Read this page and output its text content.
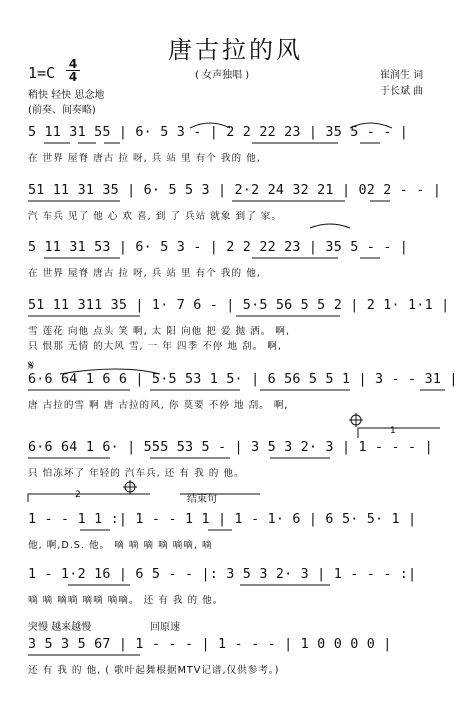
唐古拉的风
1=C 4
4	( 女声独唱 )	崔润生 词
于长斌 曲
稍快 轻快 思念地
(前奏、间奏略)
5 11 31 55 | 6· 5 3 - | 2 2 22 23 | 35 5 - - |
在 世界 屋脊 唐古 拉 呀, 兵 站 里 有个 我的 他,
51 11 31 35 | 6· 5 5 3 | 2·2 24 32 21 | 02 2 - - |
汽 车兵 见了 他 心 欢 喜, 到 了 兵站 就象 到了 家。
5 11 31 53 | 6· 5 3 - | 2 2 22 23 | 35 5 - - |
在 世界 屋脊 唐古 拉 呀, 兵 站 里 有个 我的 他,
51 11 311 35 | 1· 7 6 - | 5·5 56 5 5 2 | 2 1· 1·1 |
雪 莲花 向他 点头 笑 啊, 太 阳 向他 把 爱 抛 洒。 啊,
只 恨那 无情 的大风 雪, 一 年 四季 不停 地 刮。 啊,
𝄋
6·6 64 1 6 6 | 5·5 53 1 5· | 6 56 5 5 1 | 3 - - 31 |
唐 古拉的雪 啊 唐 古拉的风, 你 莫要 不停 地 刮。 啊,
6·6 64 1 6· | 555 53 5 - | 3 5 3 2· 3 | 1 - - - |
只 怕冻坏了 年轻的 汽车兵, 还 有 我 的 他。
1
2	结束句
1 - - 1 1 :| 1 - - 1 1 | 1 - 1· 6 | 6 5· 5· 1 |
他, 啊,D.S. 他。 嘀 嘀 嘀 嘀 嘀嘀, 嘀
1 - 1·2 16 | 6 5 - - |: 3 5 3 2· 3 | 1 - - - :|
嘀 嘀 嘀嘀 嘀嘀 嘀嘀。 还 有 我 的 他。
突慢 越来越慢	回原速
3 5 3 5 67 | 1 - - - | 1 - - - | 1 0 0 0 0 |
还 有 我 的 他, ( 歌叶起舞根据MTV记谱,仅供参考。)
